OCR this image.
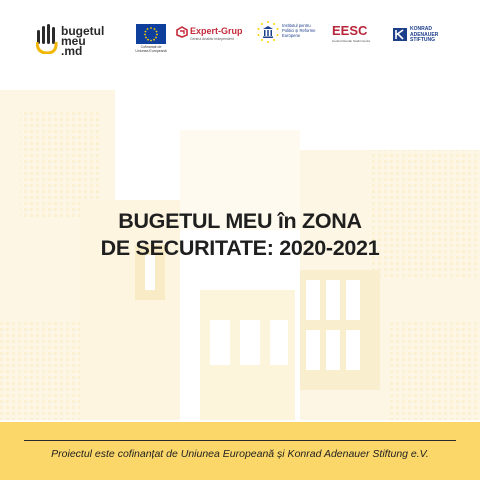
bugetul
meu
.md	Cofinanțat de
Uniunea Europeană
Expert-Grup
Centrul Analitic Independent
Institutul pentru
Politici și Reforme
Europene	EESC
Centrul Român Studii Centre
KONRAD
ADENAUER
STIFTUNG
BUGETUL MEU în ZONA
DE SECURITATE: 2020-2021
Proiectul este cofinanțat de Uniunea Europeană și Konrad Adenauer Stiftung e.V.
